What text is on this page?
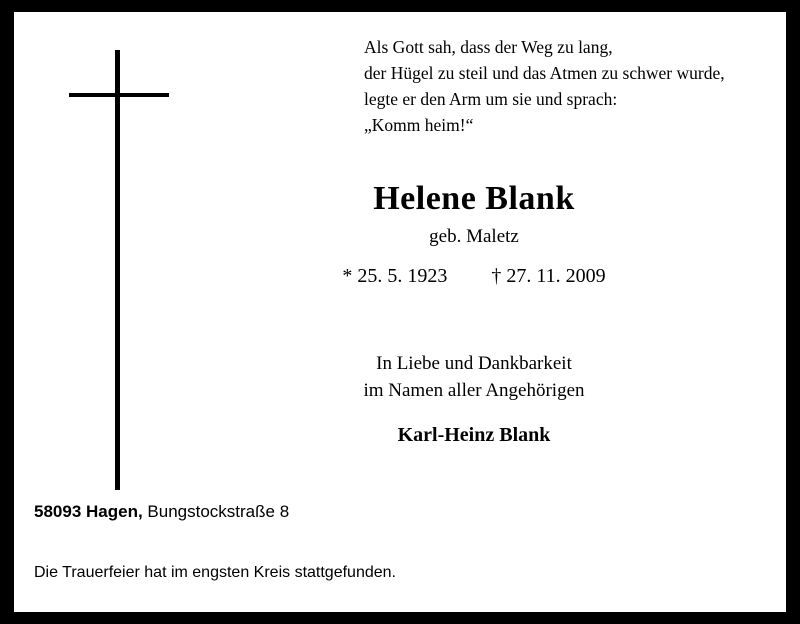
Als Gott sah, dass der Weg zu lang,
der Hügel zu steil und das Atmen zu schwer wurde,
legte er den Arm um sie und sprach:
„Komm heim!“
Helene Blank
geb. Maletz
* 25. 5. 1923 † 27. 11. 2009
In Liebe und Dankbarkeit
im Namen aller Angehörigen
Karl-Heinz Blank
58093 Hagen, Bungstockstraße 8
Die Trauerfeier hat im engsten Kreis stattgefunden.
